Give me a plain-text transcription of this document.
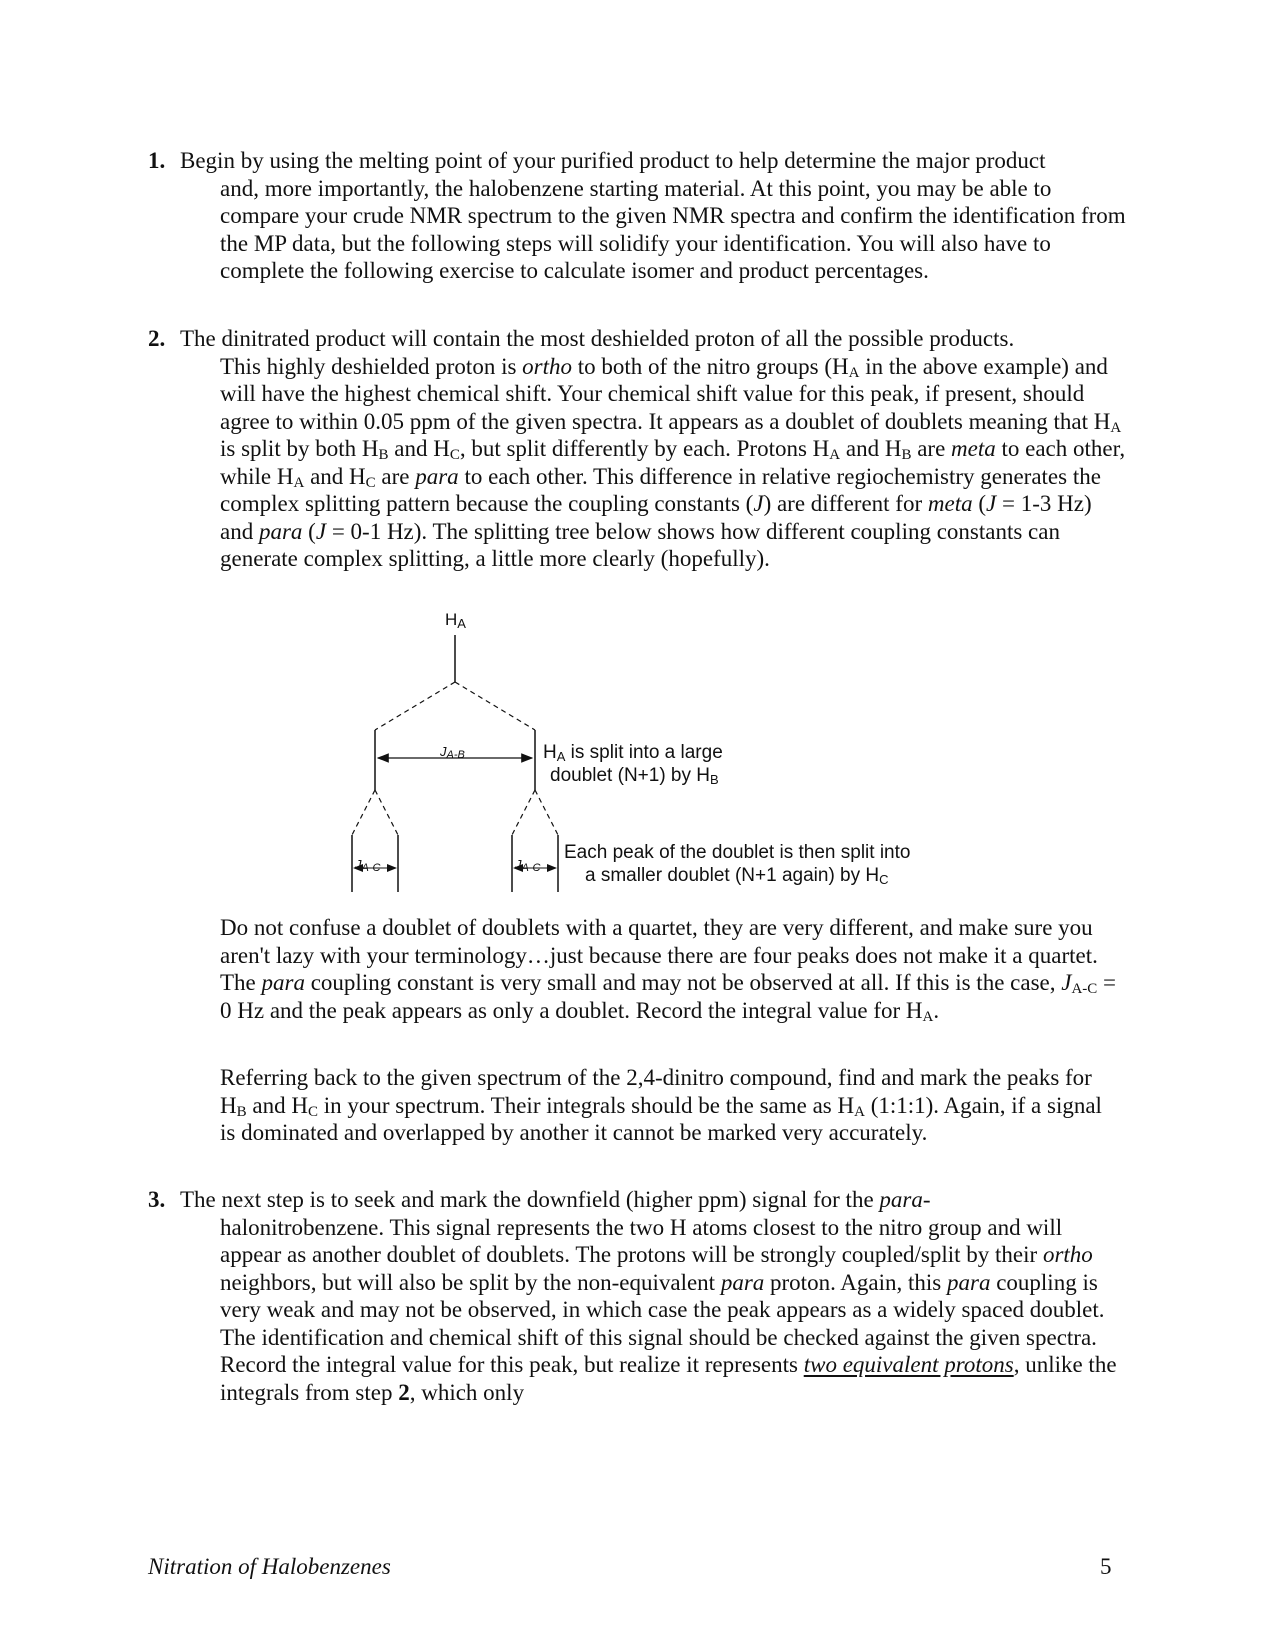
1. Begin by using the melting point of your purified product to help determine the major product

and, more importantly, the halobenzene starting material. At this point, you may be able to compare your crude NMR spectrum to the given NMR spectra and confirm the identification from the MP data, but the following steps will solidify your identification. You will also have to complete the following exercise to calculate isomer and product percentages.

2. The dinitrated product will contain the most deshielded proton of all the possible products.

This highly deshielded proton is ortho to both of the nitro groups ($H_A$ in the above example) and will have the highest chemical shift. Your chemical shift value for this peak, if present, should agree to within 0.05 ppm of the given spectra. It appears as a doublet of doublets meaning that $H_A$ is split by both $H_B$ and $H_C$, but split differently by each. Protons $H_A$ and $H_B$ are meta to each other, while $H_A$ and $H_C$ are para to each other. This difference in relative regiochemistry generates the complex splitting pattern because the coupling constants (J) are different for meta (J = 1-3 Hz) and para (J = 0-1 Hz). The splitting tree below shows how different coupling constants can generate complex splitting, a little more clearly (hopefully).

$H_A$
JA-B
JA-C	JA-C
$H_A$ is split into a large
doublet (N+1) by $H_B$
Each peak of the doublet is then split into
a smaller doublet (N+1 again) by $H_C$

Do not confuse a doublet of doublets with a quartet, they are very different, and make sure you aren't lazy with your terminology…just because there are four peaks does not make it a quartet. The para coupling constant is very small and may not be observed at all. If this is the case, $J_{A-C} = 0$ Hz and the peak appears as only a doublet. Record the integral value for $H_A$.

Referring back to the given spectrum of the 2,4-dinitro compound, find and mark the peaks for $H_B$ and $H_C$ in your spectrum. Their integrals should be the same as $H_A$ (1:1:1). Again, if a signal is dominated and overlapped by another it cannot be marked very accurately.

3. The next step is to seek and mark the downfield (higher ppm) signal for the para-

halonitrobenzene. This signal represents the two H atoms closest to the nitro group and will appear as another doublet of doublets. The protons will be strongly coupled/split by their ortho neighbors, but will also be split by the non-equivalent para proton. Again, this para coupling is very weak and may not be observed, in which case the peak appears as a widely spaced doublet. The identification and chemical shift of this signal should be checked against the given spectra. Record the integral value for this peak, but realize it represents two equivalent protons, unlike the integrals from step 2, which only

Nitration of Halobenzenes	5
